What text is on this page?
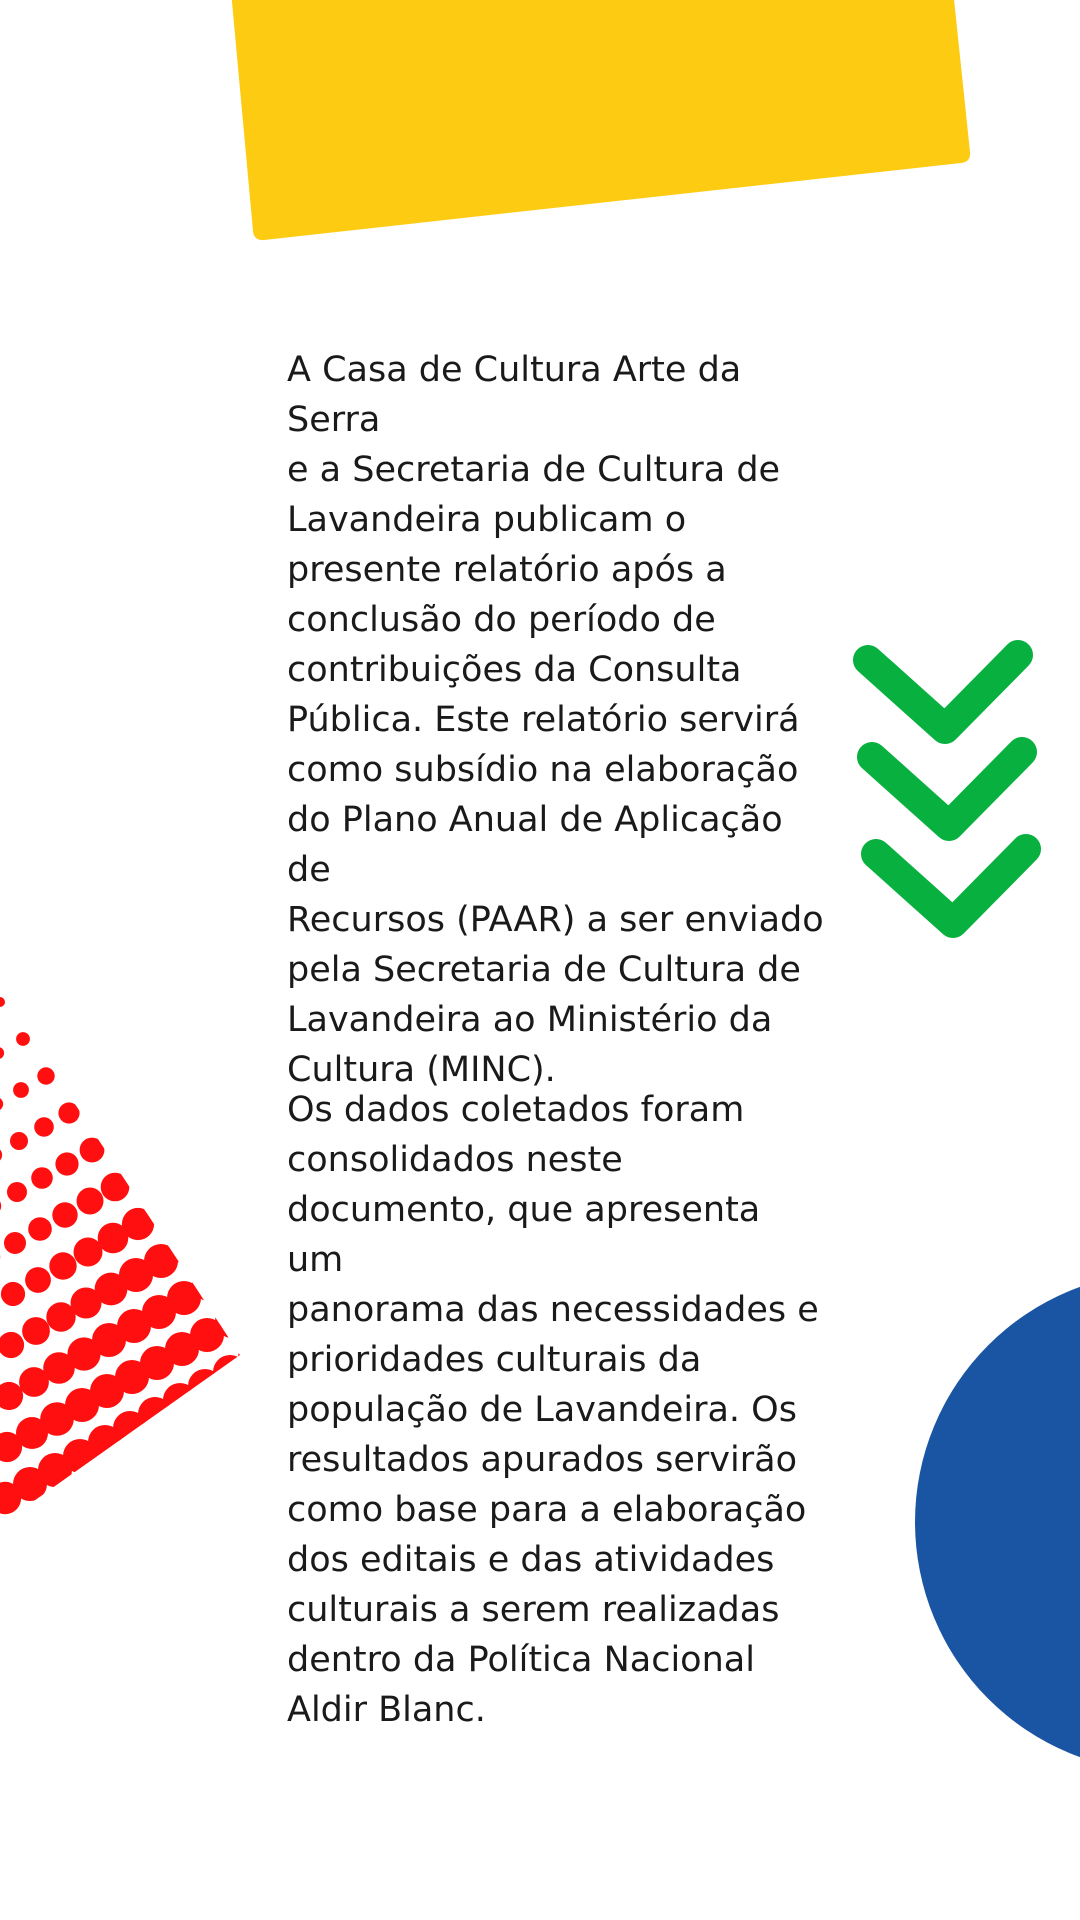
A Casa de Cultura Arte da Serra
e a Secretaria de Cultura de
Lavandeira publicam o
presente relatório após a
conclusão do período de
contribuições da Consulta
Pública. Este relatório servirá
como subsídio na elaboração
do Plano Anual de Aplicação de
Recursos (PAAR) a ser enviado
pela Secretaria de Cultura de
Lavandeira ao Ministério da
Cultura (MINC).

Os dados coletados foram
consolidados neste
documento, que apresenta um
panorama das necessidades e
prioridades culturais da
população de Lavandeira. Os
resultados apurados servirão
como base para a elaboração
dos editais e das atividades
culturais a serem realizadas
dentro da Política Nacional
Aldir Blanc.
